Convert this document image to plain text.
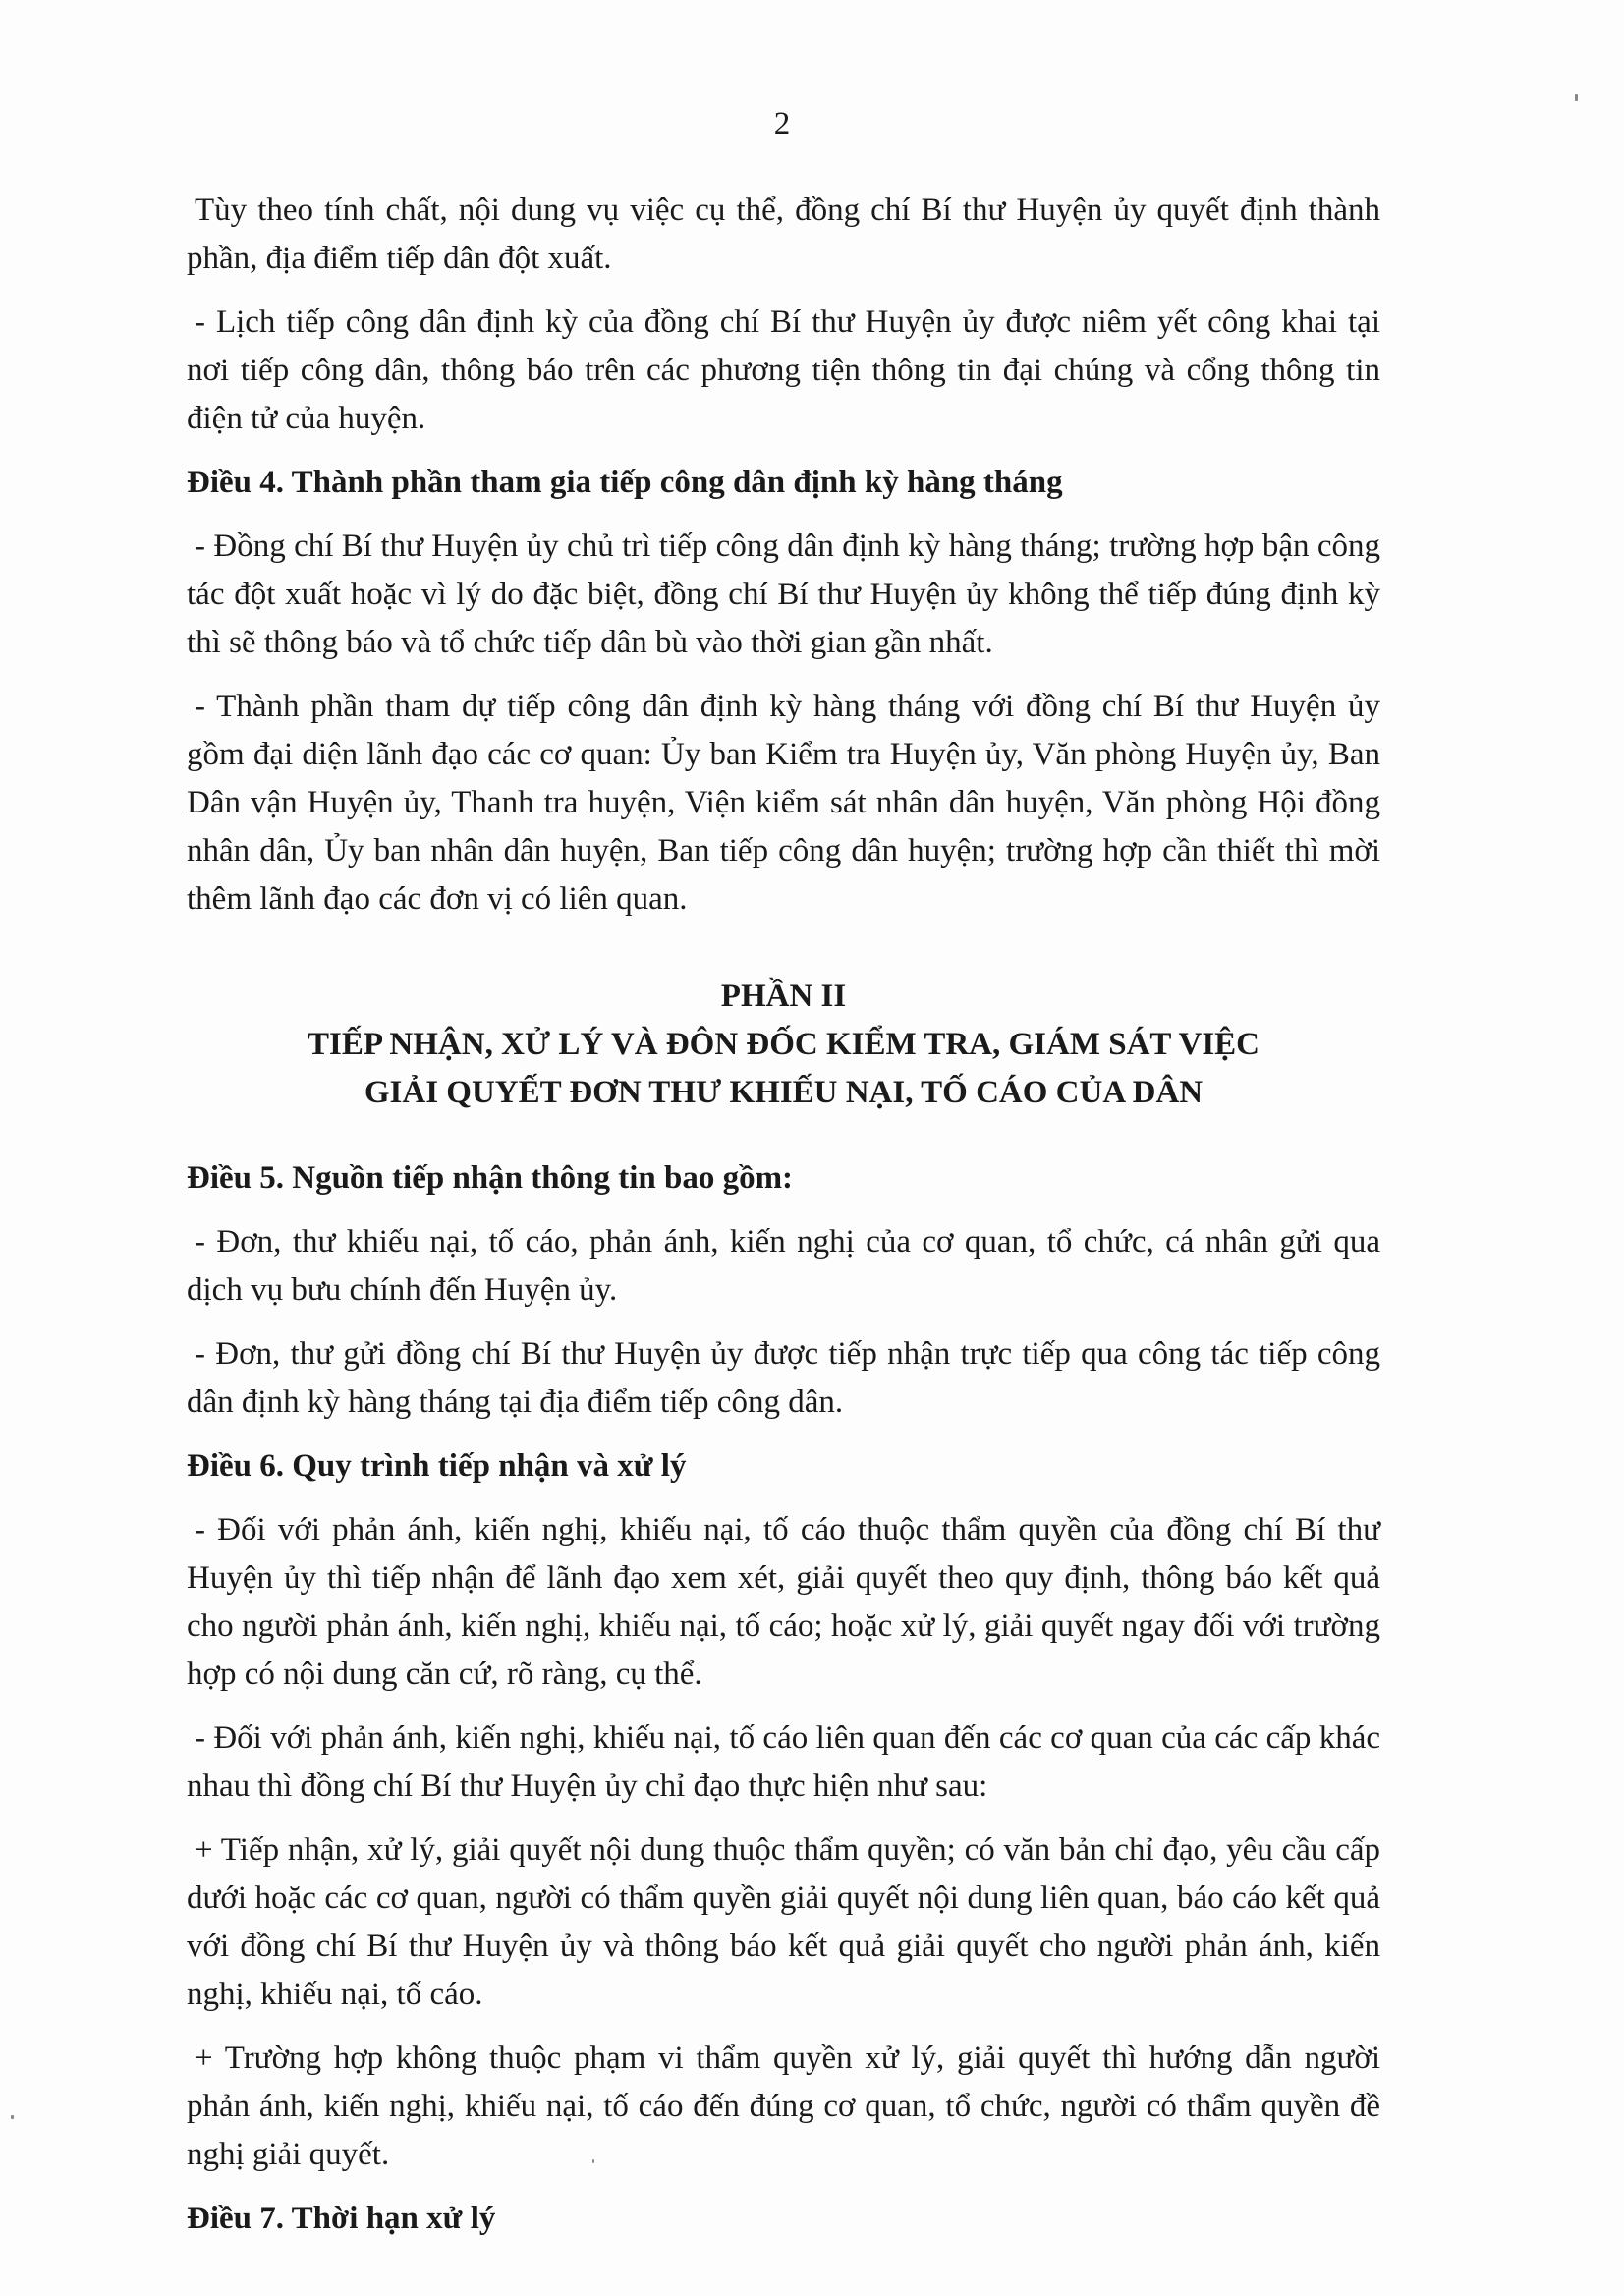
2

Tùy theo tính chất, nội dung vụ việc cụ thể, đồng chí Bí thư Huyện ủy quyết định thành phần, địa điểm tiếp dân đột xuất.

- Lịch tiếp công dân định kỳ của đồng chí Bí thư Huyện ủy được niêm yết công khai tại nơi tiếp công dân, thông báo trên các phương tiện thông tin đại chúng và cổng thông tin điện tử của huyện.

Điều 4. Thành phần tham gia tiếp công dân định kỳ hàng tháng

- Đồng chí Bí thư Huyện ủy chủ trì tiếp công dân định kỳ hàng tháng; trường hợp bận công tác đột xuất hoặc vì lý do đặc biệt, đồng chí Bí thư Huyện ủy không thể tiếp đúng định kỳ thì sẽ thông báo và tổ chức tiếp dân bù vào thời gian gần nhất.

- Thành phần tham dự tiếp công dân định kỳ hàng tháng với đồng chí Bí thư Huyện ủy gồm đại diện lãnh đạo các cơ quan: Ủy ban Kiểm tra Huyện ủy, Văn phòng Huyện ủy, Ban Dân vận Huyện ủy, Thanh tra huyện, Viện kiểm sát nhân dân huyện, Văn phòng Hội đồng nhân dân, Ủy ban nhân dân huyện, Ban tiếp công dân huyện; trường hợp cần thiết thì mời thêm lãnh đạo các đơn vị có liên quan.

PHẦN II
TIẾP NHẬN, XỬ LÝ VÀ ĐÔN ĐỐC KIỂM TRA, GIÁM SÁT VIỆC
GIẢI QUYẾT ĐƠN THƯ KHIẾU NẠI, TỐ CÁO CỦA DÂN
Điều 5. Nguồn tiếp nhận thông tin bao gồm:

- Đơn, thư khiếu nại, tố cáo, phản ánh, kiến nghị của cơ quan, tổ chức, cá nhân gửi qua dịch vụ bưu chính đến Huyện ủy.

- Đơn, thư gửi đồng chí Bí thư Huyện ủy được tiếp nhận trực tiếp qua công tác tiếp công dân định kỳ hàng tháng tại địa điểm tiếp công dân.

Điều 6. Quy trình tiếp nhận và xử lý

- Đối với phản ánh, kiến nghị, khiếu nại, tố cáo thuộc thẩm quyền của đồng chí Bí thư Huyện ủy thì tiếp nhận để lãnh đạo xem xét, giải quyết theo quy định, thông báo kết quả cho người phản ánh, kiến nghị, khiếu nại, tố cáo; hoặc xử lý, giải quyết ngay đối với trường hợp có nội dung căn cứ, rõ ràng, cụ thể.

- Đối với phản ánh, kiến nghị, khiếu nại, tố cáo liên quan đến các cơ quan của các cấp khác nhau thì đồng chí Bí thư Huyện ủy chỉ đạo thực hiện như sau:

+ Tiếp nhận, xử lý, giải quyết nội dung thuộc thẩm quyền; có văn bản chỉ đạo, yêu cầu cấp dưới hoặc các cơ quan, người có thẩm quyền giải quyết nội dung liên quan, báo cáo kết quả với đồng chí Bí thư Huyện ủy và thông báo kết quả giải quyết cho người phản ánh, kiến nghị, khiếu nại, tố cáo.

+ Trường hợp không thuộc phạm vi thẩm quyền xử lý, giải quyết thì hướng dẫn người phản ánh, kiến nghị, khiếu nại, tố cáo đến đúng cơ quan, tổ chức, người có thẩm quyền đề nghị giải quyết.

Điều 7. Thời hạn xử lý
